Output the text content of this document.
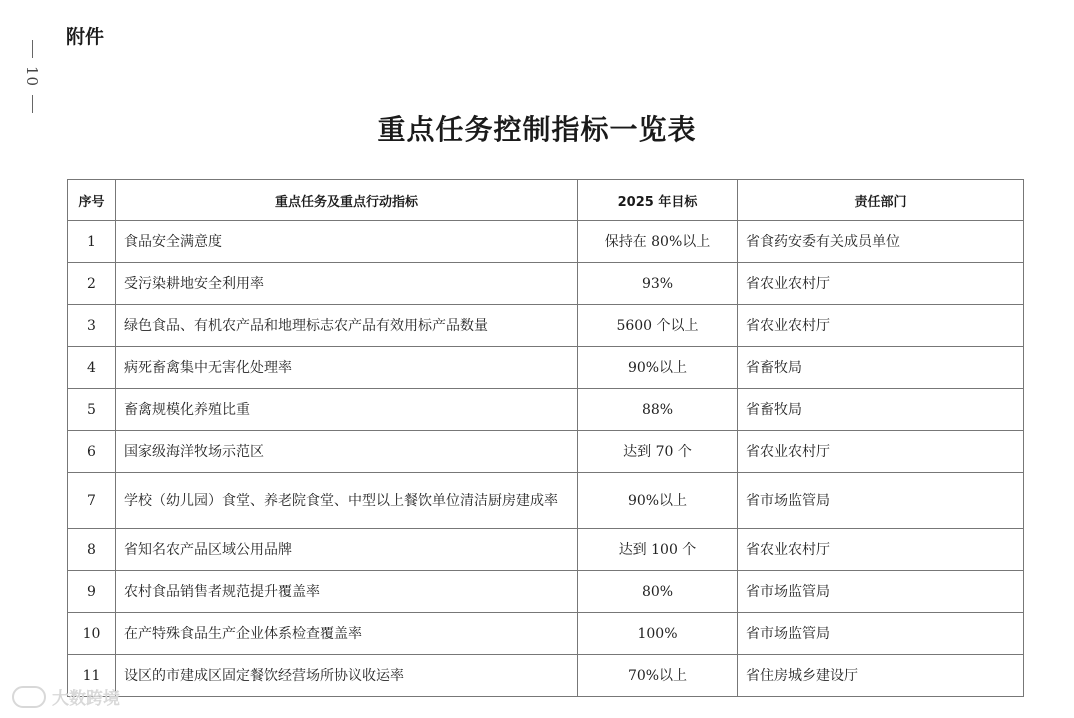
附件
10
重点任务控制指标一览表
序号	重点任务及重点行动指标	2025 年目标	责任部门
1	食品安全满意度	保持在 80%以上	省食药安委有关成员单位
2	受污染耕地安全利用率	93%	省农业农村厅
3	绿色食品、有机农产品和地理标志农产品有效用标产品数量	5600 个以上	省农业农村厅
4	病死畜禽集中无害化处理率	90%以上	省畜牧局
5	畜禽规模化养殖比重	88%	省畜牧局
6	国家级海洋牧场示范区	达到 70 个	省农业农村厅
7	学校（幼儿园）食堂、养老院食堂、中型以上餐饮单位清洁厨房建成率	90%以上	省市场监管局
8	省知名农产品区域公用品牌	达到 100 个	省农业农村厅
9	农村食品销售者规范提升覆盖率	80%	省市场监管局
10	在产特殊食品生产企业体系检查覆盖率	100%	省市场监管局
11	设区的市建成区固定餐饮经营场所协议收运率	70%以上	省住房城乡建设厅
大数跨境
